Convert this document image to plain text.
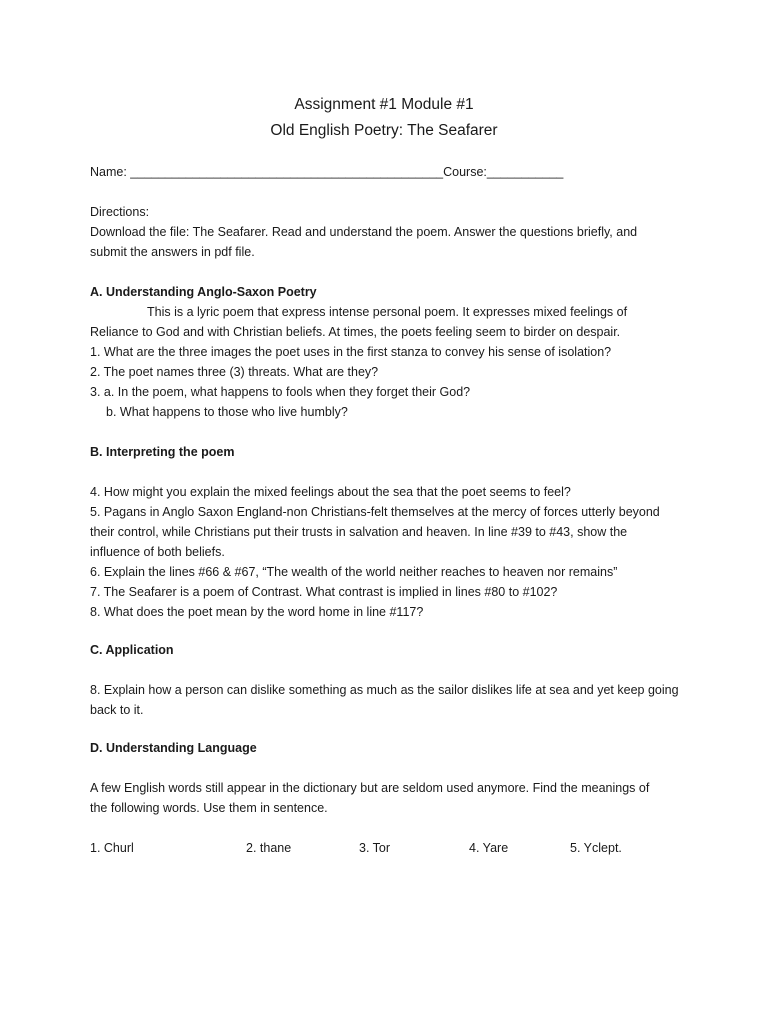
Assignment #1 Module #1
Old English Poetry: The Seafarer
Name: _____________________________________________Course:___________
Directions:
Download the file: The Seafarer. Read and understand the poem. Answer the questions briefly, and
submit the answers in pdf file.
A. Understanding Anglo-Saxon Poetry
This is a lyric poem that express intense personal poem. It expresses mixed feelings of
Reliance to God and with Christian beliefs. At times, the poets feeling seem to birder on despair.
1. What are the three images the poet uses in the first stanza to convey his sense of isolation?
2. The poet names three (3) threats. What are they?
3. a. In the poem, what happens to fools when they forget their God?
b. What happens to those who live humbly?
B. Interpreting the poem
4. How might you explain the mixed feelings about the sea that the poet seems to feel?
5. Pagans in Anglo Saxon England-non Christians-felt themselves at the mercy of forces utterly beyond
their control, while Christians put their trusts in salvation and heaven. In line #39 to #43, show the
influence of both beliefs.
6. Explain the lines #66 & #67, “The wealth of the world neither reaches to heaven nor remains”
7. The Seafarer is a poem of Contrast. What contrast is implied in lines #80 to #102?
8. What does the poet mean by the word home in line #117?
C. Application
8. Explain how a person can dislike something as much as the sailor dislikes life at sea and yet keep going
back to it.
D. Understanding Language
A few English words still appear in the dictionary but are seldom used anymore. Find the meanings of
the following words. Use them in sentence.
1. Churl	2. thane	3. Tor	4. Yare	5. Yclept.
